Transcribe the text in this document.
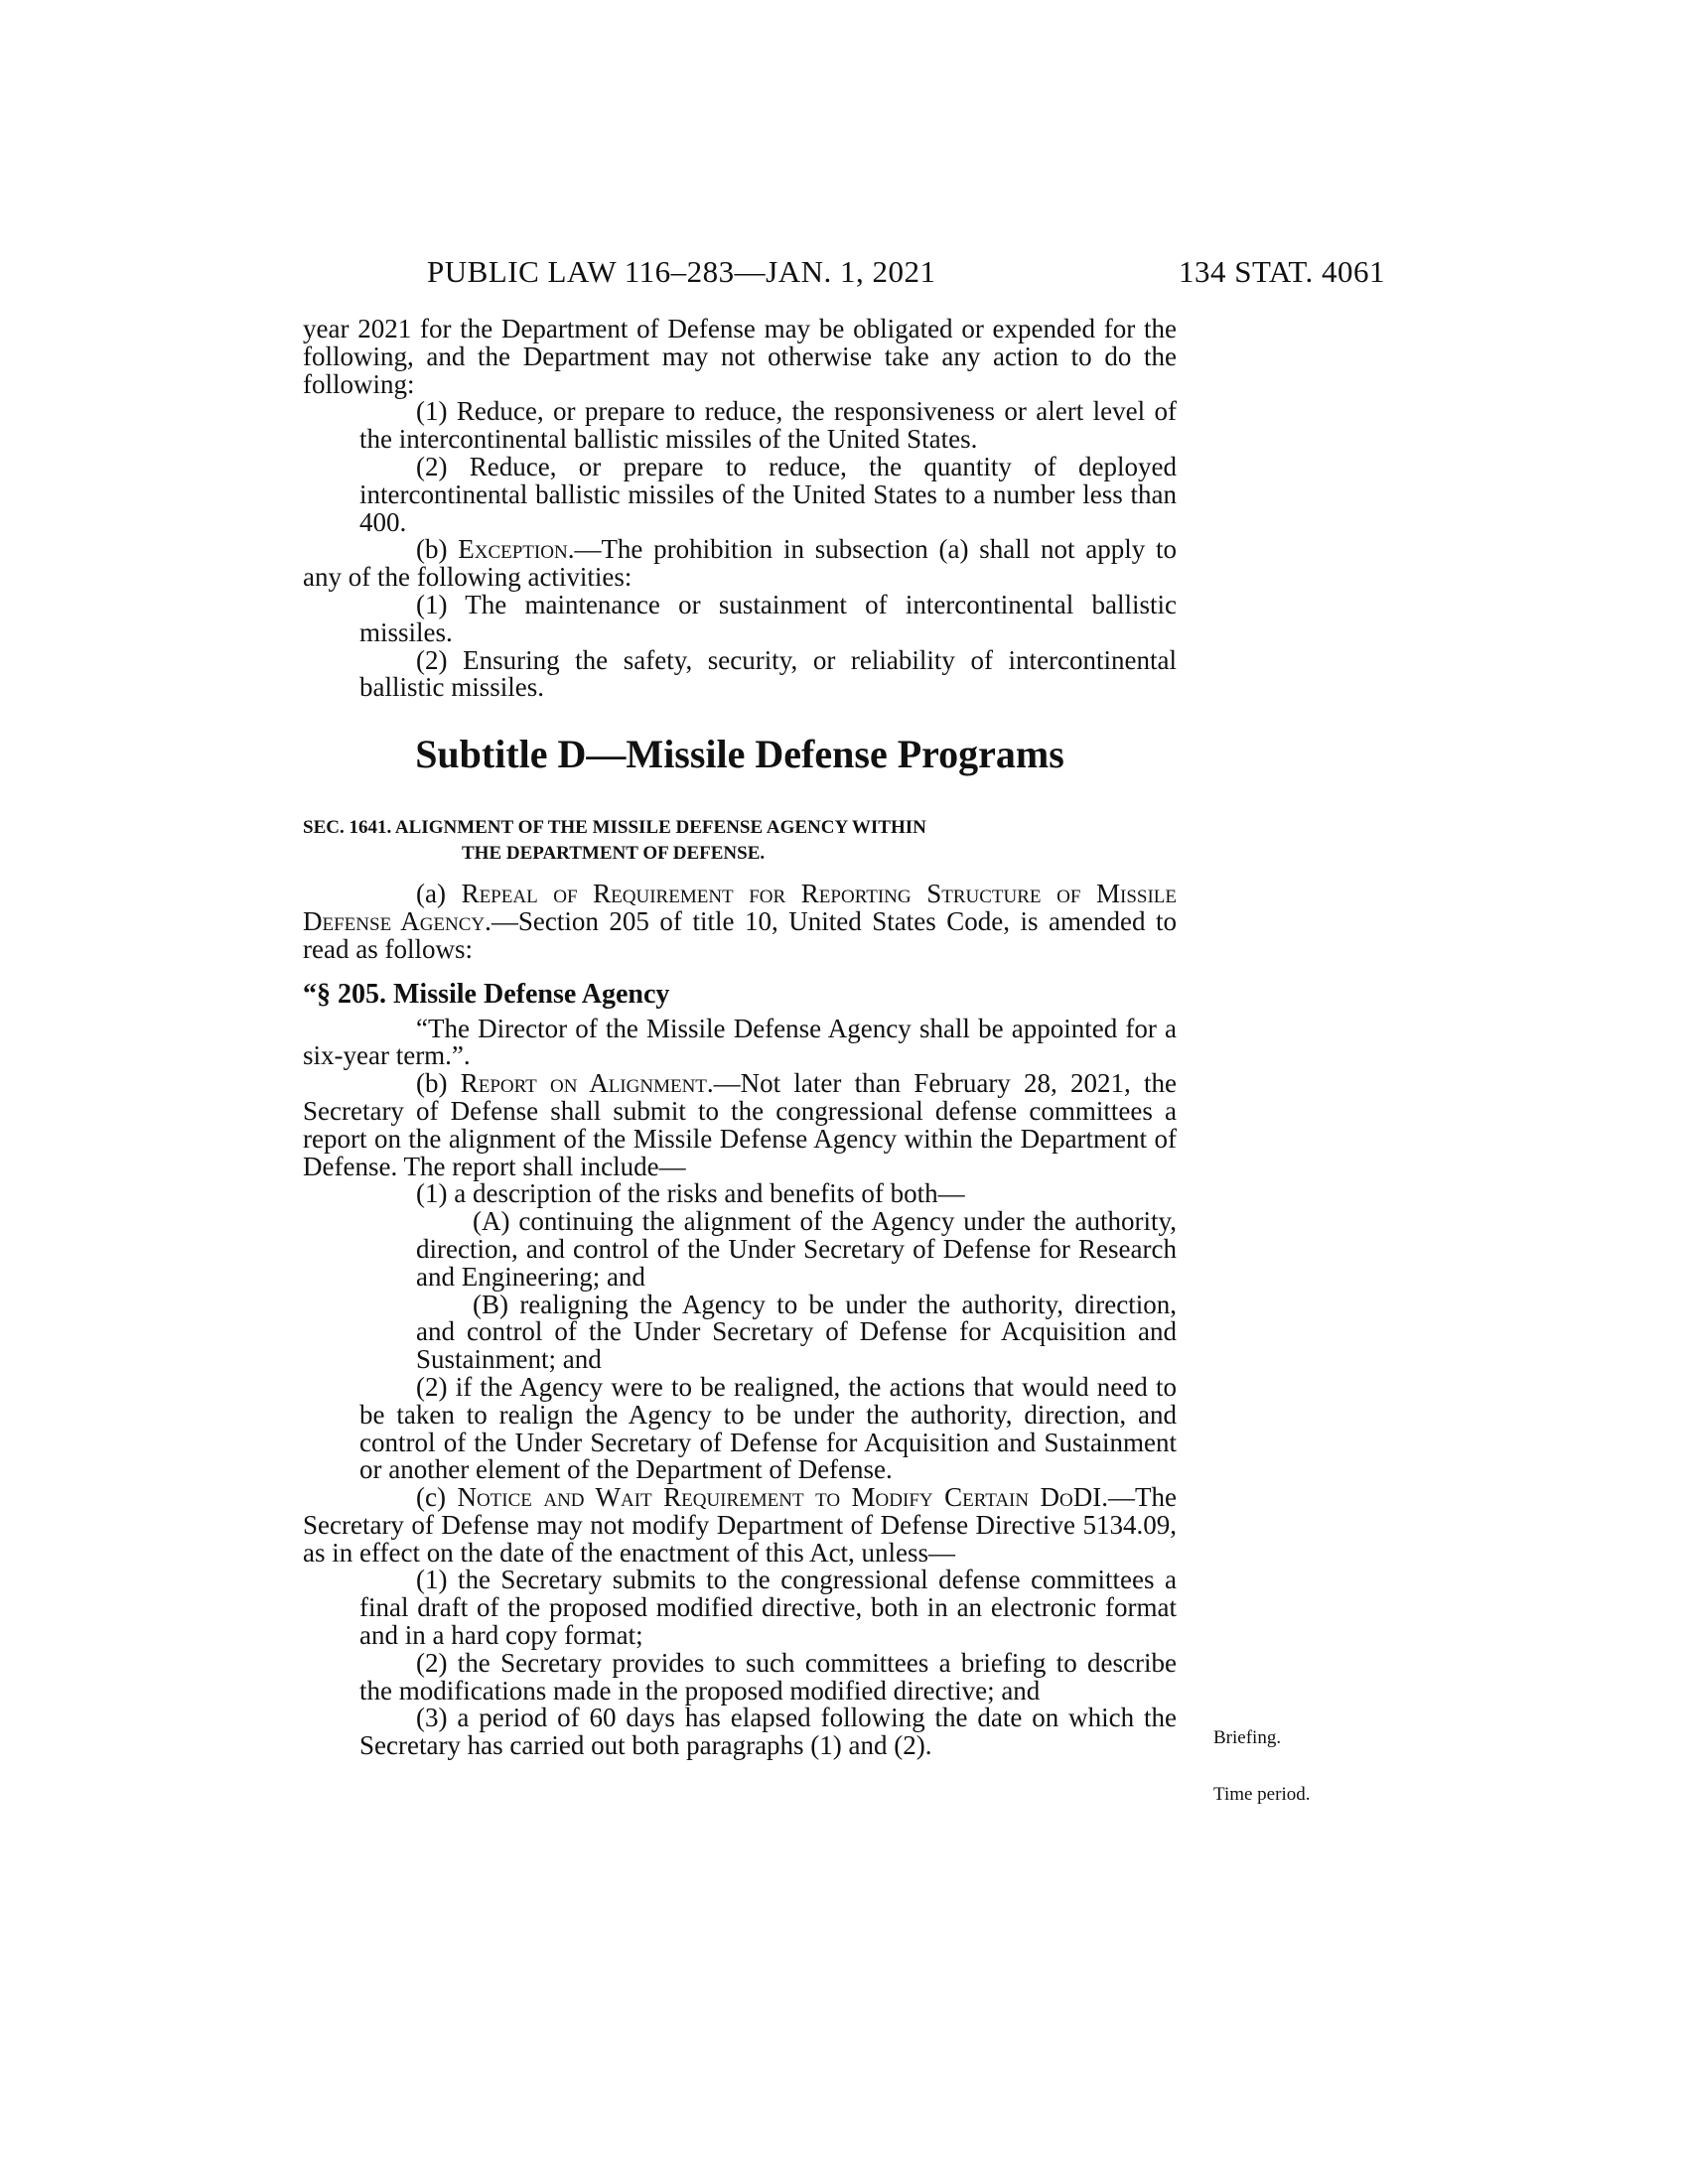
PUBLIC LAW 116–283—JAN. 1, 2021	134 STAT. 4061

year 2021 for the Department of Defense may be obligated or expended for the following, and the Department may not otherwise take any action to do the following:

(1) Reduce, or prepare to reduce, the responsiveness or alert level of the intercontinental ballistic missiles of the United States.

(2) Reduce, or prepare to reduce, the quantity of deployed intercontinental ballistic missiles of the United States to a number less than 400.

(b) Exception.—The prohibition in subsection (a) shall not apply to any of the following activities:

(1) The maintenance or sustainment of intercontinental ballistic missiles.

(2) Ensuring the safety, security, or reliability of intercontinental ballistic missiles.

Subtitle D—Missile Defense Programs
SEC. 1641. ALIGNMENT OF THE MISSILE DEFENSE AGENCY WITHIN
THE DEPARTMENT OF DEFENSE.

(a) Repeal of Requirement for Reporting Structure of Missile Defense Agency.—Section 205 of title 10, United States Code, is amended to read as follows:

“§ 205. Missile Defense Agency

“The Director of the Missile Defense Agency shall be appointed for a six-year term.”.

(b) Report on Alignment.—Not later than February 28, 2021, the Secretary of Defense shall submit to the congressional defense committees a report on the alignment of the Missile Defense Agency within the Department of Defense. The report shall include—

(1) a description of the risks and benefits of both—

(A) continuing the alignment of the Agency under the authority, direction, and control of the Under Secretary of Defense for Research and Engineering; and

(B) realigning the Agency to be under the authority, direction, and control of the Under Secretary of Defense for Acquisition and Sustainment; and

(2) if the Agency were to be realigned, the actions that would need to be taken to realign the Agency to be under the authority, direction, and control of the Under Secretary of Defense for Acquisition and Sustainment or another element of the Department of Defense.

(c) Notice and Wait Requirement to Modify Certain DoDI.—The Secretary of Defense may not modify Department of Defense Directive 5134.09, as in effect on the date of the enactment of this Act, unless—

(1) the Secretary submits to the congressional defense committees a final draft of the proposed modified directive, both in an electronic format and in a hard copy format;

(2) the Secretary provides to such committees a briefing to describe the modifications made in the proposed modified directive; and

(3) a period of 60 days has elapsed following the date on which the Secretary has carried out both paragraphs (1) and (2).	Briefing.
Time period.
